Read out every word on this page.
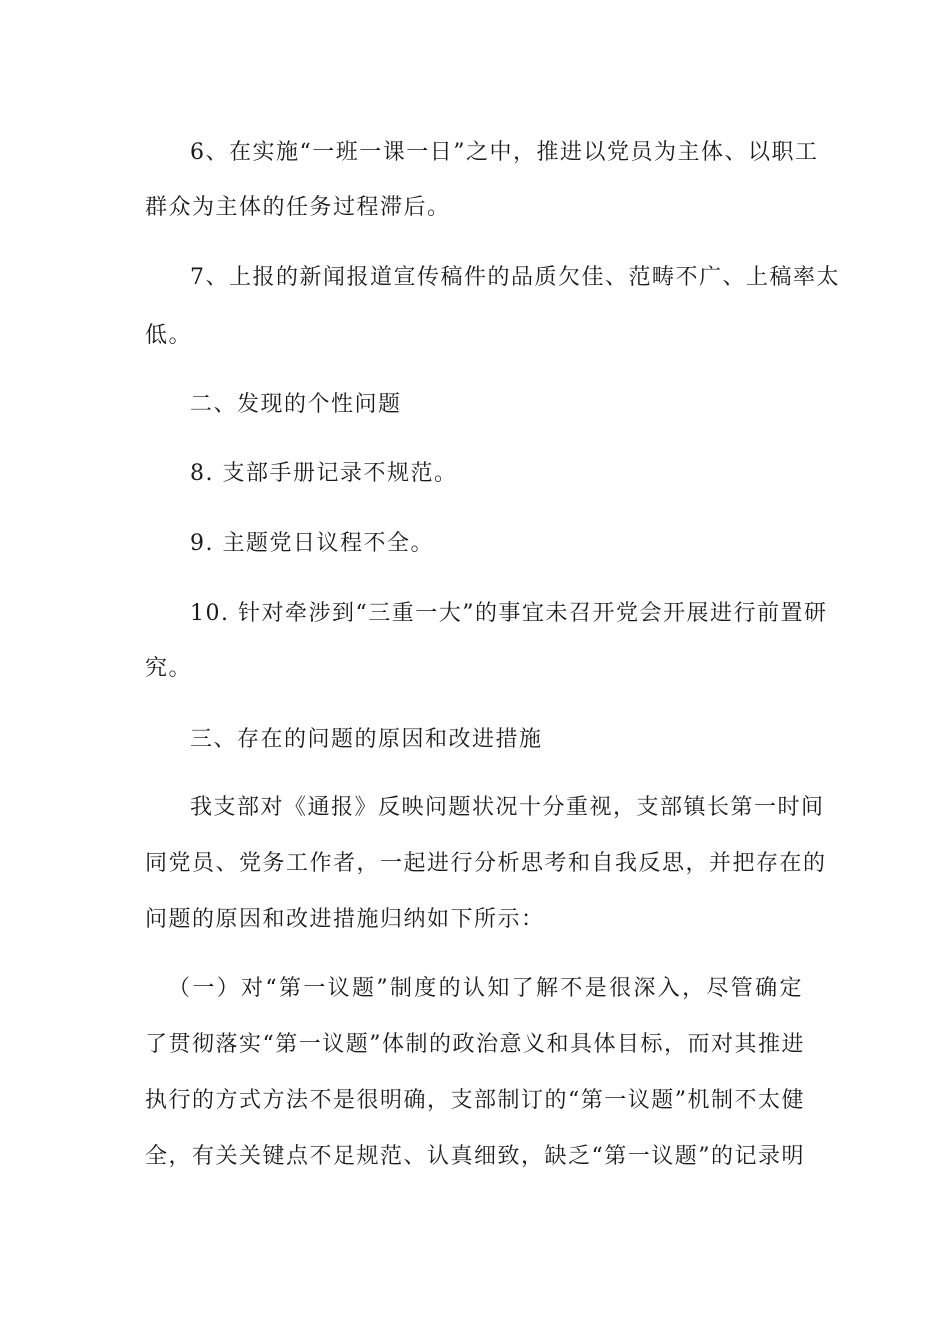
6、在实施“一班一课一日”之中，推进以党员为主体、以职工
群众为主体的任务过程滞后。
7、上报的新闻报道宣传稿件的品质欠佳、范畴不广、上稿率太
低。
二、发现的个性问题
8. 支部手册记录不规范。
9. 主题党日议程不全。
10. 针对牵涉到“三重一大”的事宜未召开党会开展进行前置研
究。
三、存在的问题的原因和改进措施
我支部对《通报》反映问题状况十分重视，支部镇长第一时间
同党员、党务工作者，一起进行分析思考和自我反思，并把存在的
问题的原因和改进措施归纳如下所示：
（一）对“第一议题”制度的认知了解不是很深入，尽管确定
了贯彻落实“第一议题”体制的政治意义和具体目标，而对其推进
执行的方式方法不是很明确，支部制订的“第一议题”机制不太健
全，有关关键点不足规范、认真细致，缺乏“第一议题”的记录明
